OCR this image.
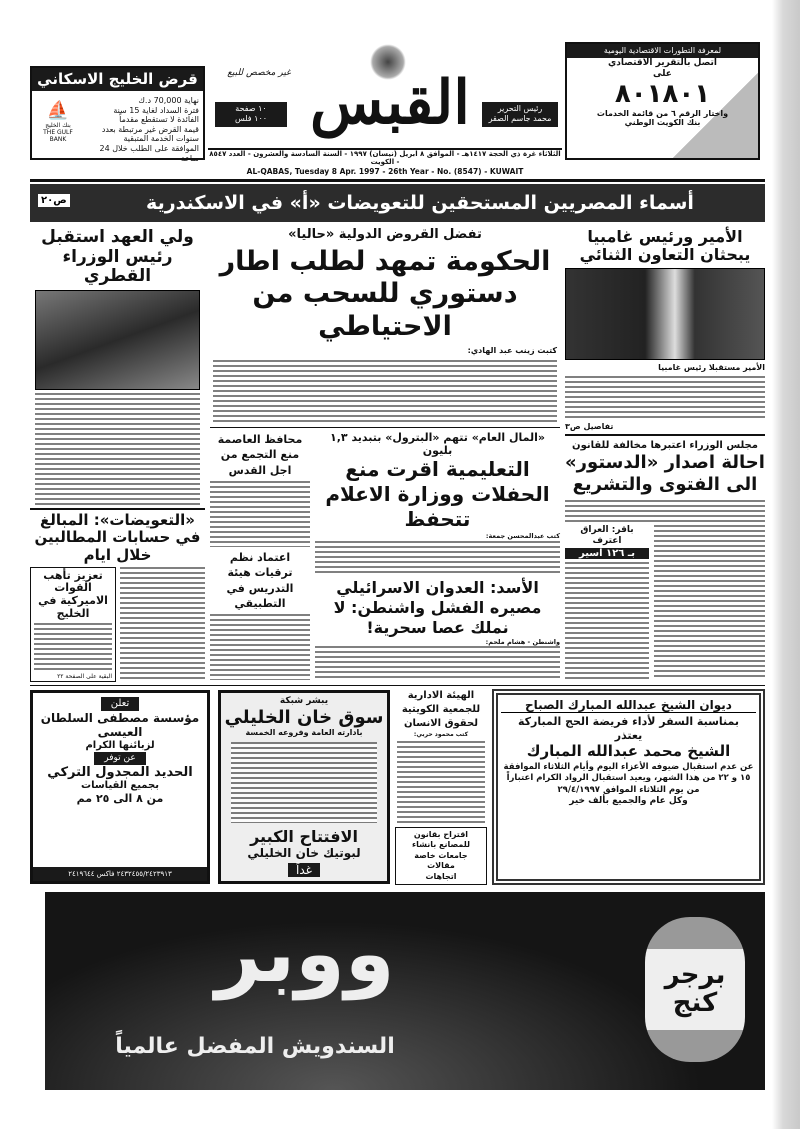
قرض الخليج الاسكاني
نهاية 70,000 د.ك
فترة السداد لغاية 15 سنة
الفائدة لا تستقطع مقدماً
قيمة القرض غير مرتبطة بعدد سنوات الخدمة المتبقية
الموافقة على الطلب خلال 24 ساعة
⛵
بنك الخليج
THE GULF BANK
القبس
غير مخصص للبيع
١٠ صفحة
١٠٠ فلس
رئيس التحرير
محمد جاسم الصقر
لمعرفة التطورات الاقتصادية اليومية
اتصل بالتقرير الاقتصادي
على
٨٠١٨٠١
واختار الرقم ٦ من قائمة الخدمات
بنك الكويت الوطني
الثلاثاء غرة ذي الحجة ١٤١٧هـ - الموافق ٨ ابريل (نيسان) ١٩٩٧ - السنة السادسة والعشرون - العدد ٨٥٤٧ - الكويت
AL-QABAS, Tuesday 8 Apr. 1997 - 26th Year - No. (8547) - KUWAIT
أسماء المصريين المستحقين للتعويضات «أ» في الاسكندرية
ص٢٠
ولي العهد استقبل رئيس الوزراء القطري
تفضل القروض الدولية «حاليا»
الحكومة تمهد لطلب اطار دستوري للسحب من الاحتياطي
كتبت زينب عبد الهادي:
الأمير ورئيس غامبيا يبحثان التعاون الثنائي
الأمير مستقبلا رئيس غامبيا
تفاصيل ص٣
«التعويضات»: المبالغ في حسابات المطالبين خلال ايام
تعزيز تأهب القوات الاميركية في الخليج
البقية على الصفحة ٢٢
محافظ العاصمة منع التجمع من اجل القدس
اعتماد نظم ترقيات هيئة التدريس في التطبيقي
«المال العام» تتهم «البترول» بتبديد ١,٣ بليون
التعليمية اقرت منع الحفلات ووزارة الاعلام تتحفظ
كتب عبدالمحسن جمعة:
الأسد: العدوان الاسرائيلي مصيره الفشل واشنطن: لا نملك عصا سحرية!
واشنطن - هشام ملحم:
مجلس الوزراء اعتبرها مخالفة للقانون
احالة اصدار «الدستور» الى الفتوى والتشريع
باقر: العراق اعترف
بـ ١٢٦ اسير
تعلن
مؤسسة مصطفى السلطان العيسى
لزبائنها الكرام
عن توفر
الحديد المجدول التركي
بجميع القياسات
من ٨ الى ٢٥ مم
٢٤٣٢٤٥٥/٢٤٢٣٩١٣ فاكس ٢٤١٩٦٤٤
يبشر شبكة
سوق خان الخليلي
بادارته العامة وفروعه الخمسة
الافتتاح الكبير
لبوتيك خان الخليلي
غداً
الهيئة الادارية للجمعية الكويتية لحقوق الانسان
كتب محمود حربي:
اقتراح بقانون للمصانع بانشاء جامعات خاصة
مقالات
اتجاهات
ديوان الشيخ عبدالله المبارك الصباح
بمناسبة السفر لأداء فريضة الحج المباركة
يعتذر
الشيخ محمد عبدالله المبارك
عن عدم استقبال ضيوفه الأعزاء اليوم وأيام الثلاثاء الموافقة ١٥ و ٢٢ من هذا الشهر، ويعيد استقبال الرواد الكرام اعتباراً من يوم الثلاثاء الموافق ٢٩/٤/١٩٩٧
وكل عام والجميع بألف خير
ووبر
السندويش المفضل عالمياً
برجر كنج
